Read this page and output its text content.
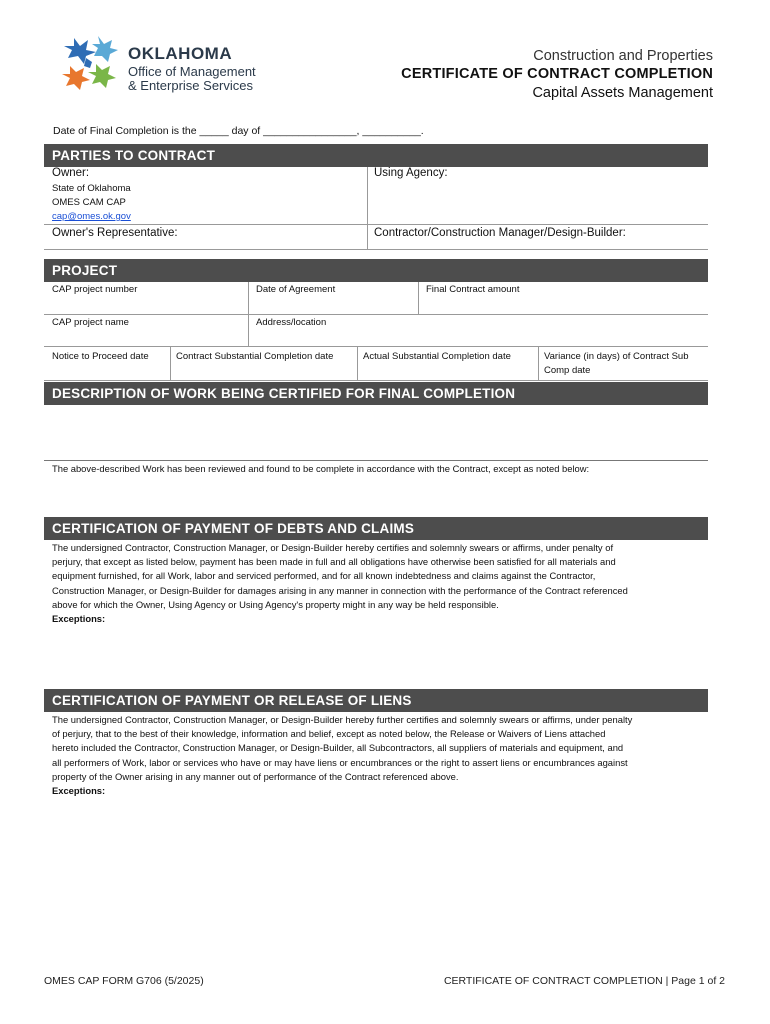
OKLAHOMA
Office of Management
& Enterprise Services
Construction and Properties
CERTIFICATE OF CONTRACT COMPLETION
Capital Assets Management
Date of Final Completion is the _____ day of ________________, __________.
PARTIES TO CONTRACT
Owner:
State of Oklahoma
OMES CAM CAP
cap@omes.ok.gov
Using Agency:
Owner's Representative:	Contractor/Construction Manager/Design-Builder:
PROJECT
CAP project number	Date of Agreement	Final Contract amount
CAP project name	Address/location
Notice to Proceed date	Contract Substantial Completion date	Actual Substantial Completion date	Variance (in days) of Contract Sub
Comp date
DESCRIPTION OF WORK BEING CERTIFIED FOR FINAL COMPLETION
The above-described Work has been reviewed and found to be complete in accordance with the Contract, except as noted below:
CERTIFICATION OF PAYMENT OF DEBTS AND CLAIMS
The undersigned Contractor, Construction Manager, or Design-Builder hereby certifies and solemnly swears or affirms, under penalty of
perjury, that except as listed below, payment has been made in full and all obligations have otherwise been satisfied for all materials and
equipment furnished, for all Work, labor and serviced performed, and for all known indebtedness and claims against the Contractor,
Construction Manager, or Design-Builder for damages arising in any manner in connection with the performance of the Contract referenced
above for which the Owner, Using Agency or Using Agency's property might in any way be held responsible.
Exceptions:
CERTIFICATION OF PAYMENT OR RELEASE OF LIENS
The undersigned Contractor, Construction Manager, or Design-Builder hereby further certifies and solemnly swears or affirms, under penalty
of perjury, that to the best of their knowledge, information and belief, except as noted below, the Release or Waivers of Liens attached
hereto included the Contractor, Construction Manager, or Design-Builder, all Subcontractors, all suppliers of materials and equipment, and
all performers of Work, labor or services who have or may have liens or encumbrances or the right to assert liens or encumbrances against
property of the Owner arising in any manner out of performance of the Contract referenced above.
Exceptions:
OMES CAP FORM G706 (5/2025)	CERTIFICATE OF CONTRACT COMPLETION | Page 1 of 2
